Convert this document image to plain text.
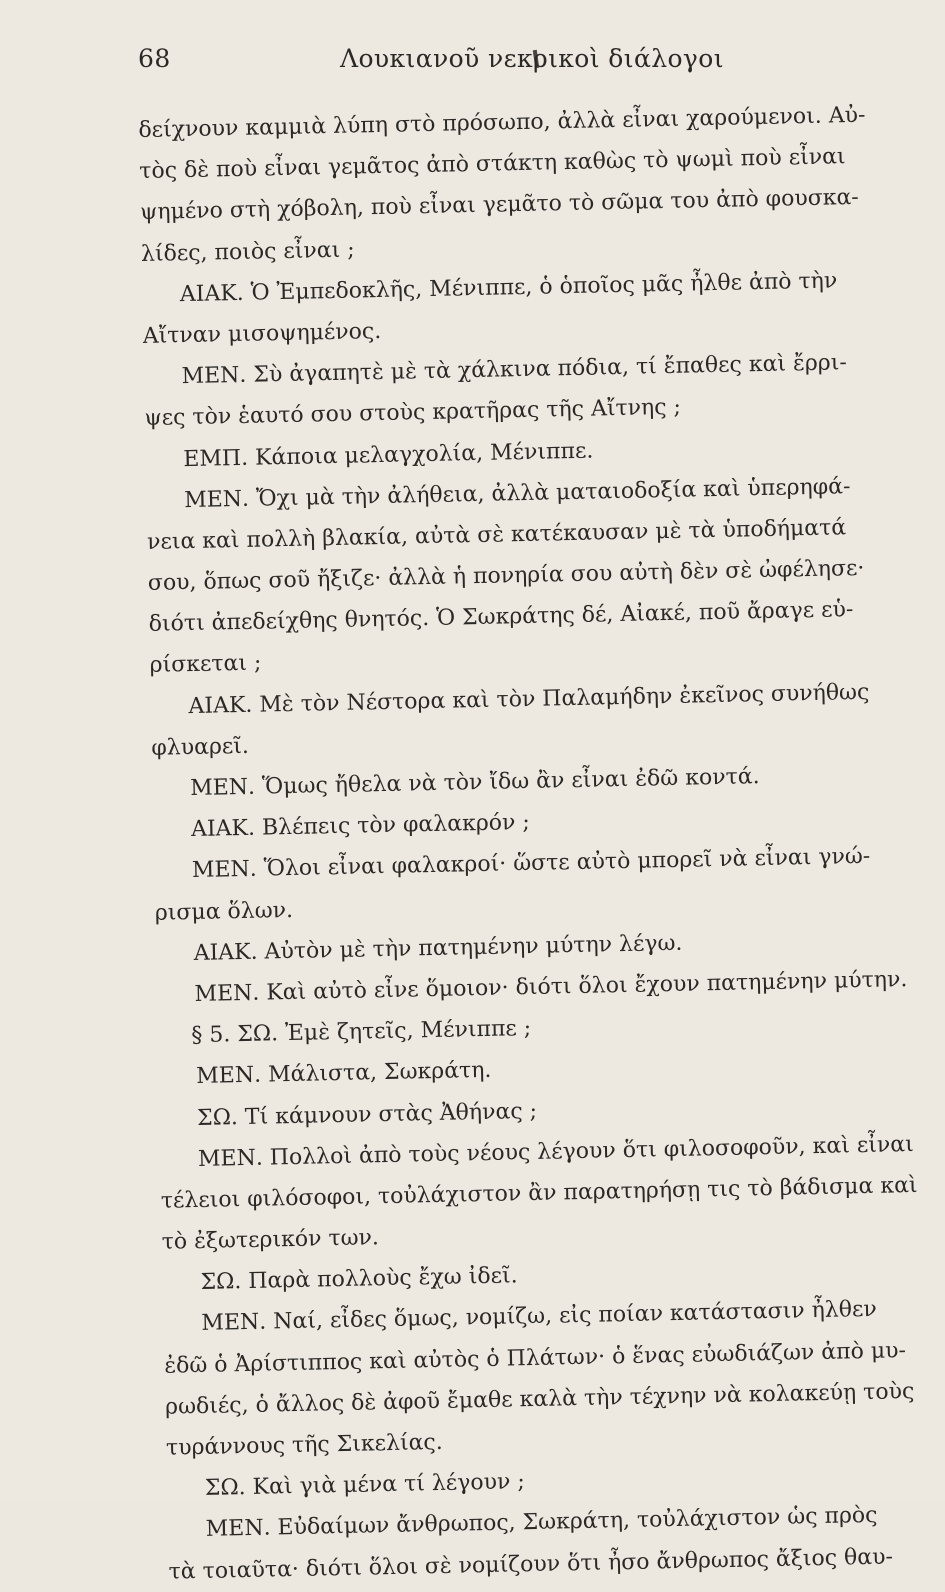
68	Λουκιανοῦ νεκρικοὶ διάλογοι
δείχνουν καμμιὰ λύπη στὸ πρόσωπο, ἀλλὰ εἶναι χαρούμενοι. Αὐ-
τὸς δὲ ποὺ εἶναι γεμᾶτος ἀπὸ στάκτη καθὼς τὸ ψωμὶ ποὺ εἶναι
ψημένο στὴ χόβολη, ποὺ εἶναι γεμᾶτο τὸ σῶμα του ἀπὸ φουσκα-
λίδες, ποιὸς εἶναι ;
ΑΙΑΚ. Ὁ Ἐμπεδοκλῆς, Μένιππε, ὁ ὁποῖος μᾶς ἦλθε ἀπὸ τὴν
Αἴτναν μισοψημένος.
ΜΕΝ. Σὺ ἀγαπητὲ μὲ τὰ χάλκινα πόδια, τί ἔπαθες καὶ ἔρρι-
ψες τὸν ἑαυτό σου στοὺς κρατῆρας τῆς Αἴτνης ;
ΕΜΠ. Κάποια μελαγχολία, Μένιππε.
ΜΕΝ. Ὄχι μὰ τὴν ἀλήθεια, ἀλλὰ ματαιοδοξία καὶ ὑπερηφά-
νεια καὶ πολλὴ βλακία, αὐτὰ σὲ κατέκαυσαν μὲ τὰ ὑποδήματά
σου, ὅπως σοῦ ἤξιζε· ἀλλὰ ἡ πονηρία σου αὐτὴ δὲν σὲ ὠφέλησε·
διότι ἀπεδείχθης θνητός. Ὁ Σωκράτης δέ, Αἰακέ, ποῦ ἄραγε εὑ-
ρίσκεται ;
ΑΙΑΚ. Μὲ τὸν Νέστορα καὶ τὸν Παλαμήδην ἐκεῖνος συνήθως
φλυαρεῖ.
ΜΕΝ. Ὅμως ἤθελα νὰ τὸν ἴδω ἂν εἶναι ἐδῶ κοντά.
ΑΙΑΚ. Βλέπεις τὸν φαλακρόν ;
ΜΕΝ. Ὅλοι εἶναι φαλακροί· ὥστε αὐτὸ μπορεῖ νὰ εἶναι γνώ-
ρισμα ὅλων.
ΑΙΑΚ. Αὐτὸν μὲ τὴν πατημένην μύτην λέγω.
ΜΕΝ. Καὶ αὐτὸ εἶνε ὅμοιον· διότι ὅλοι ἔχουν πατημένην μύτην.
§ 5. ΣΩ. Ἐμὲ ζητεῖς, Μένιππε ;
ΜΕΝ. Μάλιστα, Σωκράτη.
ΣΩ. Τί κάμνουν στὰς Ἀθήνας ;
ΜΕΝ. Πολλοὶ ἀπὸ τοὺς νέους λέγουν ὅτι φιλοσοφοῦν, καὶ εἶναι
τέλειοι φιλόσοφοι, τοὐλάχιστον ἂν παρατηρήσῃ τις τὸ βάδισμα καὶ
τὸ ἐξωτερικόν των.
ΣΩ. Παρὰ πολλοὺς ἔχω ἰδεῖ.
ΜΕΝ. Ναί, εἶδες ὅμως, νομίζω, εἰς ποίαν κατάστασιν ἦλθεν
ἐδῶ ὁ Ἀρίστιππος καὶ αὐτὸς ὁ Πλάτων· ὁ ἕνας εὐωδιάζων ἀπὸ μυ-
ρωδιές, ὁ ἄλλος δὲ ἀφοῦ ἔμαθε καλὰ τὴν τέχνην νὰ κολακεύῃ τοὺς
τυράννους τῆς Σικελίας.
ΣΩ. Καὶ γιὰ μένα τί λέγουν ;
ΜΕΝ. Εὐδαίμων ἄνθρωπος, Σωκράτη, τοὐλάχιστον ὡς πρὸς
τὰ τοιαῦτα· διότι ὅλοι σὲ νομίζουν ὅτι ἦσο ἄνθρωπος ἄξιος θαυ-
